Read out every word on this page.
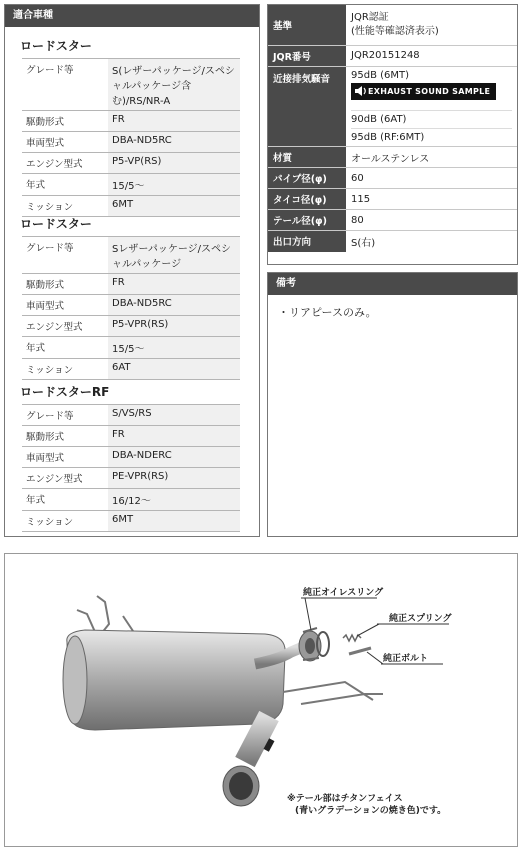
適合車種
ロードスター
グレード等	S(レザーパッケージ/スペシャルパッケージ含む)/RS/NR-A
駆動形式	FR
車両型式	DBA-ND5RC
エンジン型式	P5-VP(RS)
年式	15/5〜
ミッション	6MT
ロードスター
グレード等	Sレザーパッケージ/スペシャルパッケージ
駆動形式	FR
車両型式	DBA-ND5RC
エンジン型式	P5-VPR(RS)
年式	15/5〜
ミッション	6AT
ロードスターRF
グレード等	S/VS/RS
駆動形式	FR
車両型式	DBA-NDERC
エンジン型式	PE-VPR(RS)
年式	16/12〜
ミッション	6MT
基準	JQR認証
(性能等確認済表示)

JQR番号	JQR20151248
近接排気騒音	95dB (6MT)
EXHAUST SOUND SAMPLE
90dB (6AT)
95dB (RF:6MT)

材質	オールステンレス
パイプ径(φ)	60
タイコ径(φ)	115
テール径(φ)	80
出口方向	S(右)
備考
・リアピースのみ。
純正オイレスリング
純正スプリング
純正ボルト
※テール部はチタンフェイス
(青いグラデーションの焼き色)です。
